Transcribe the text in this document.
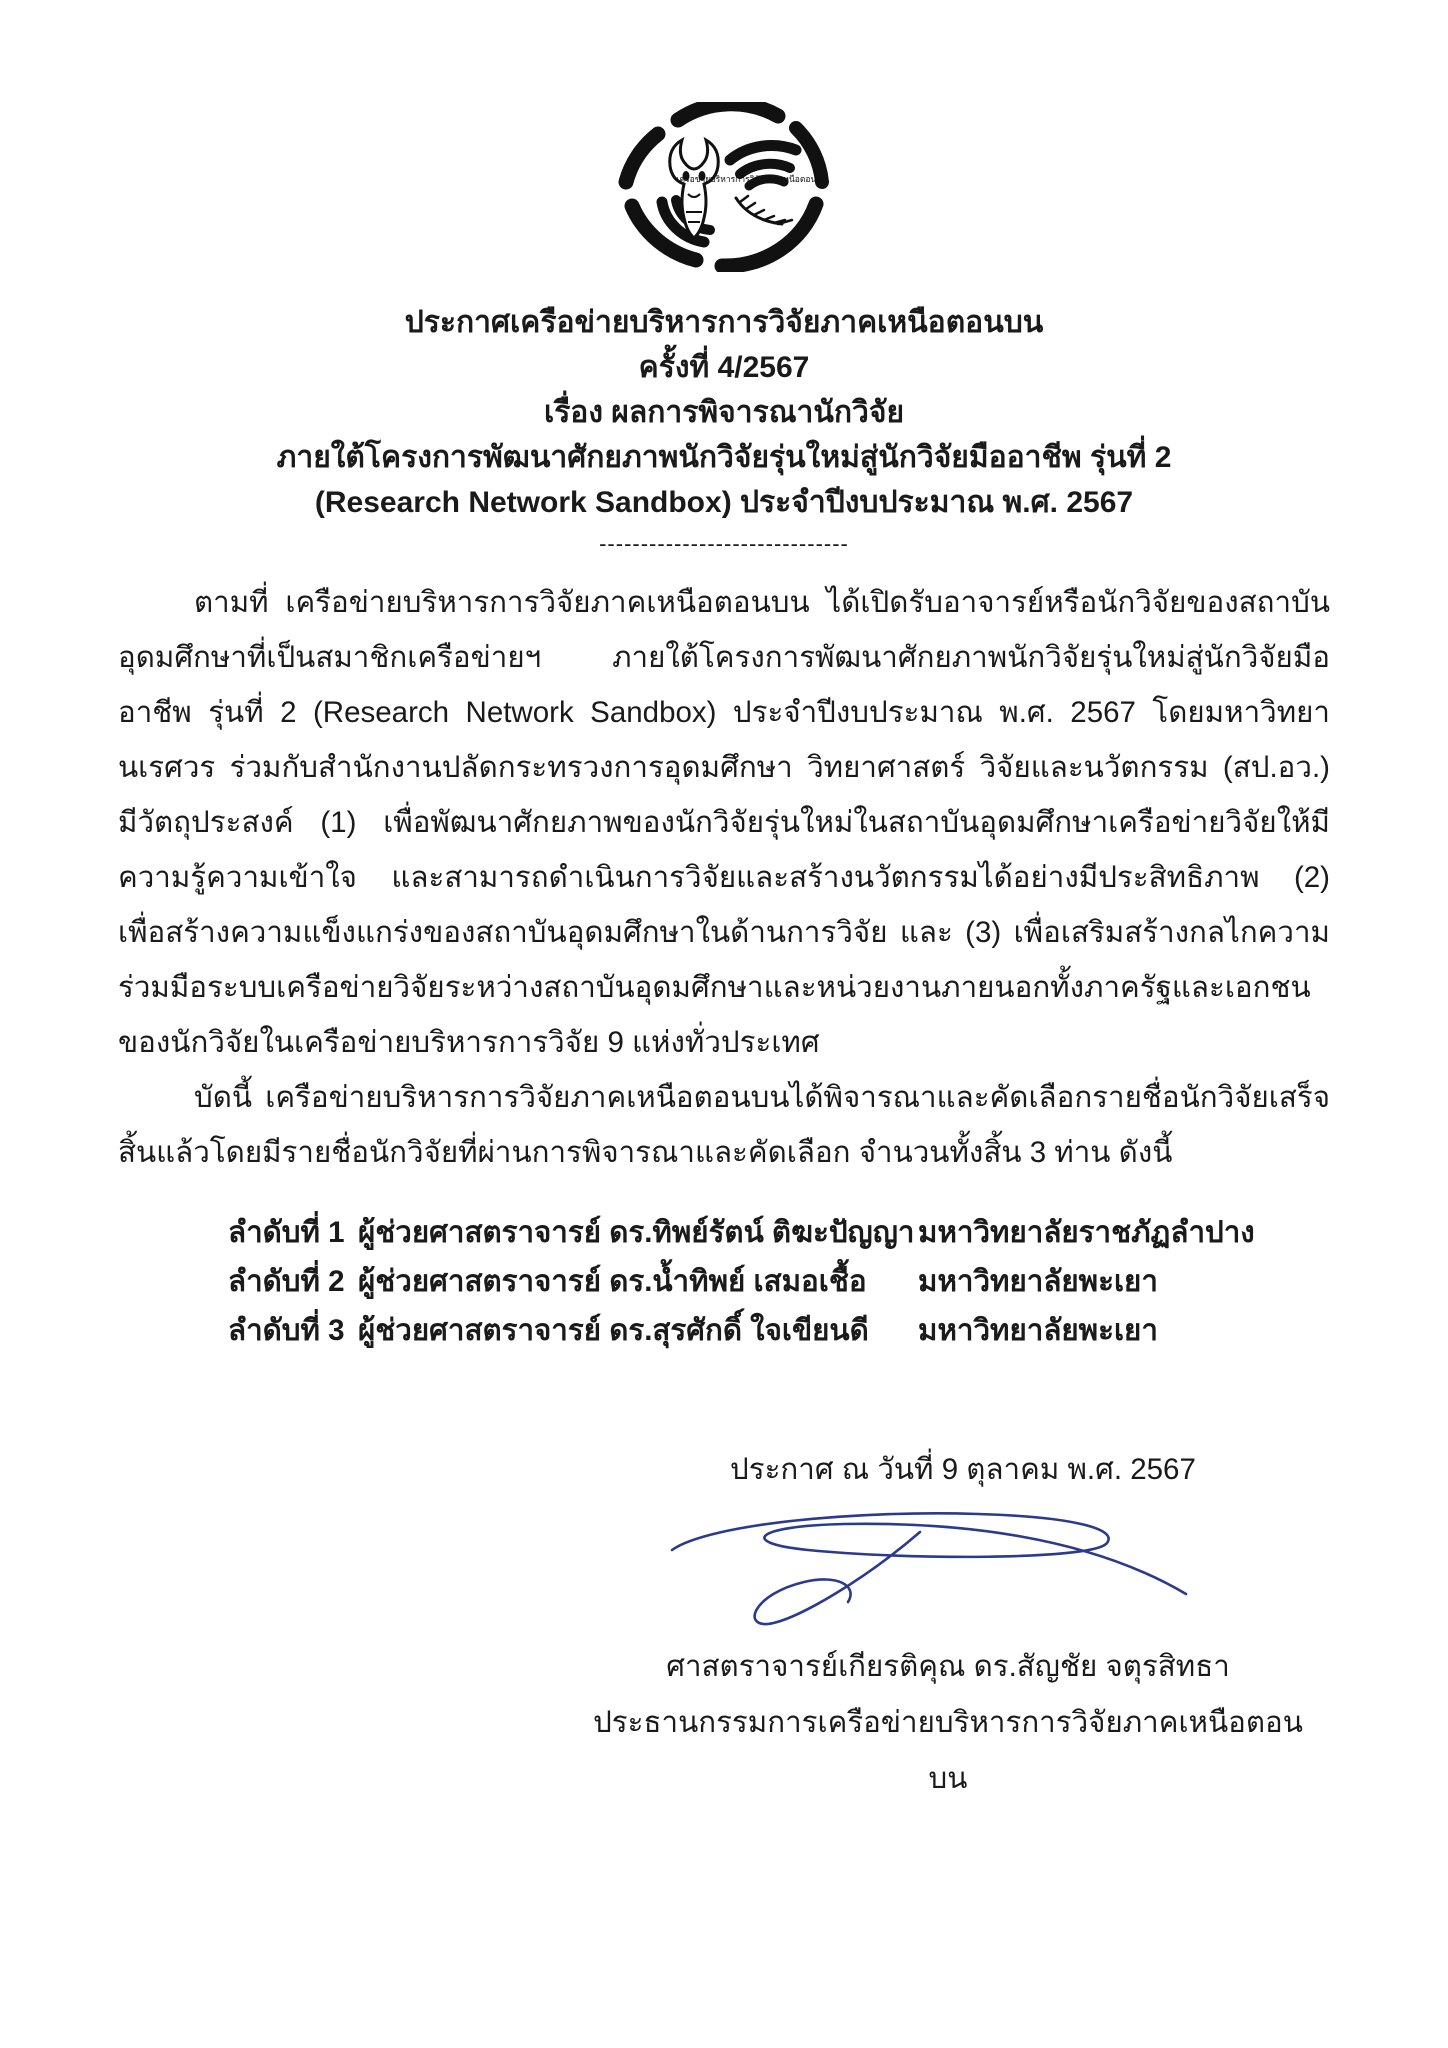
เครือข่ายบริหารการวิจัยภาคเหนือตอนบน
ประกาศเครือข่ายบริหารการวิจัยภาคเหนือตอนบน
ครั้งที่ 4/2567
เรื่อง ผลการพิจารณานักวิจัย
ภายใต้โครงการพัฒนาศักยภาพนักวิจัยรุ่นใหม่สู่นักวิจัยมืออาชีพ รุ่นที่ 2
(Research Network Sandbox) ประจำปีงบประมาณ พ.ศ. 2567
------------------------------

ตามที่ เครือข่ายบริหารการวิจัยภาคเหนือตอนบน ได้เปิดรับอาจารย์หรือนักวิจัยของสถาบันอุดมศึกษาที่เป็นสมาชิกเครือข่ายฯ ภายใต้โครงการพัฒนาศักยภาพนักวิจัยรุ่นใหม่สู่นักวิจัยมืออาชีพ รุ่นที่ 2 (Research Network Sandbox) ประจำปีงบประมาณ พ.ศ. 2567 โดยมหาวิทยานเรศวร ร่วมกับสำนักงานปลัดกระทรวงการอุดมศึกษา วิทยาศาสตร์ วิจัยและนวัตกรรม (สป.อว.) มีวัตถุประสงค์ (1) เพื่อพัฒนาศักยภาพของนักวิจัยรุ่นใหม่ในสถาบันอุดมศึกษาเครือข่ายวิจัยให้มีความรู้ความเข้าใจ และสามารถดำเนินการวิจัยและสร้างนวัตกรรมได้อย่างมีประสิทธิภาพ (2) เพื่อสร้างความแข็งแกร่งของสถาบันอุดมศึกษาในด้านการวิจัย และ (3) เพื่อเสริมสร้างกลไกความร่วมมือระบบเครือข่ายวิจัยระหว่างสถาบันอุดมศึกษาและหน่วยงานภายนอกทั้งภาครัฐและเอกชน ของนักวิจัยในเครือข่ายบริหารการวิจัย 9 แห่งทั่วประเทศ

บัดนี้ เครือข่ายบริหารการวิจัยภาคเหนือตอนบนได้พิจารณาและคัดเลือกรายชื่อนักวิจัยเสร็จสิ้นแล้วโดยมีรายชื่อนักวิจัยที่ผ่านการพิจารณาและคัดเลือก จำนวนทั้งสิ้น 3 ท่าน ดังนี้

ลำดับที่ 1 ผู้ช่วยศาสตราจารย์ ดร.ทิพย์รัตน์ ติฆะปัญญา มหาวิทยาลัยราชภัฏลำปาง
ลำดับที่ 2 ผู้ช่วยศาสตราจารย์ ดร.น้ำทิพย์ เสมอเชื้อ	มหาวิทยาลัยพะเยา
ลำดับที่ 3 ผู้ช่วยศาสตราจารย์ ดร.สุรศักดิ์ ใจเขียนดี	มหาวิทยาลัยพะเยา
ประกาศ ณ วันที่ 9 ตุลาคม พ.ศ. 2567
ศาสตราจารย์เกียรติคุณ ดร.สัญชัย จตุรสิทธา
ประธานกรรมการเครือข่ายบริหารการวิจัยภาคเหนือตอนบน
